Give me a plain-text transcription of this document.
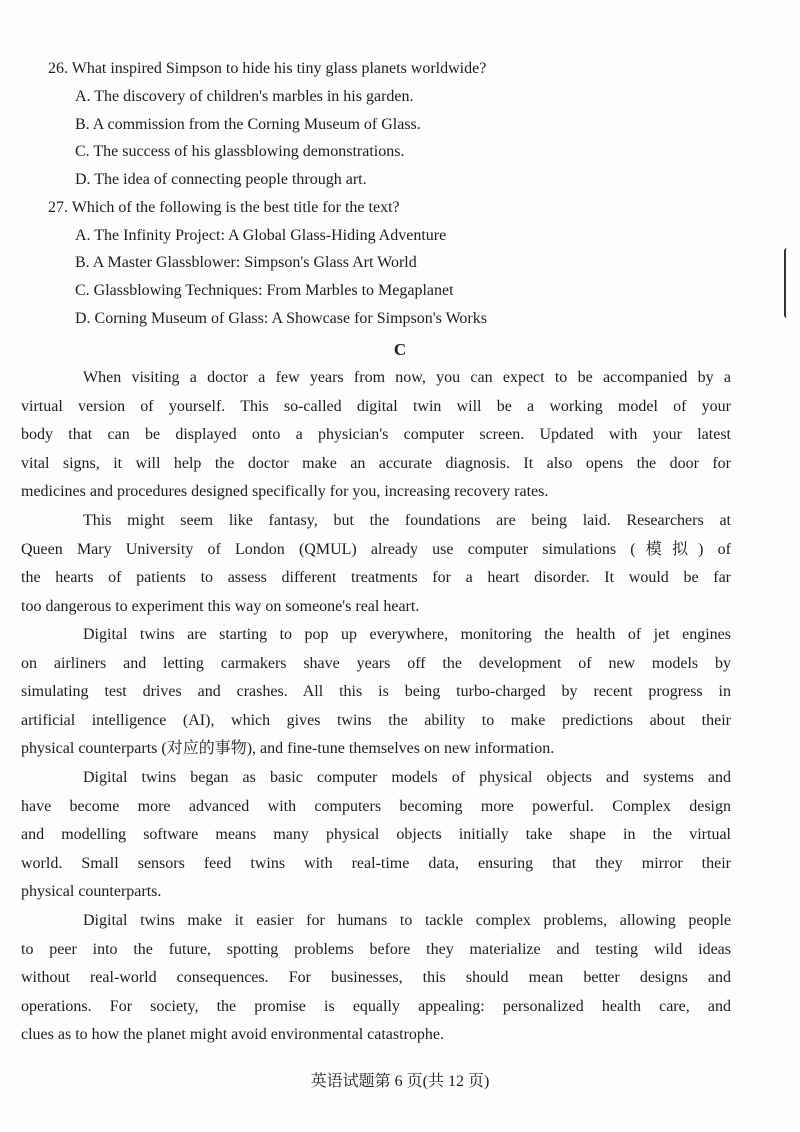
26. What inspired Simpson to hide his tiny glass planets worldwide?
A. The discovery of children's marbles in his garden.
B. A commission from the Corning Museum of Glass.
C. The success of his glassblowing demonstrations.
D. The idea of connecting people through art.
27. Which of the following is the best title for the text?
A. The Infinity Project: A Global Glass-Hiding Adventure
B. A Master Glassblower: Simpson's Glass Art World
C. Glassblowing Techniques: From Marbles to Megaplanet
D. Corning Museum of Glass: A Showcase for Simpson's Works
C
When visiting a doctor a few years from now, you can expect to be accompanied by a
virtual version of yourself. This so-called digital twin will be a working model of your
body that can be displayed onto a physician's computer screen. Updated with your latest
vital signs, it will help the doctor make an accurate diagnosis. It also opens the door for
medicines and procedures designed specifically for you, increasing recovery rates.
This might seem like fantasy, but the foundations are being laid. Researchers at
Queen Mary University of London (QMUL) already use computer simulations (模拟) of
the hearts of patients to assess different treatments for a heart disorder. It would be far
too dangerous to experiment this way on someone's real heart.
Digital twins are starting to pop up everywhere, monitoring the health of jet engines
on airliners and letting carmakers shave years off the development of new models by
simulating test drives and crashes. All this is being turbo-charged by recent progress in
artificial intelligence (AI), which gives twins the ability to make predictions about their
physical counterparts (对应的事物), and fine-tune themselves on new information.
Digital twins began as basic computer models of physical objects and systems and
have become more advanced with computers becoming more powerful. Complex design
and modelling software means many physical objects initially take shape in the virtual
world. Small sensors feed twins with real-time data, ensuring that they mirror their
physical counterparts.
Digital twins make it easier for humans to tackle complex problems, allowing people
to peer into the future, spotting problems before they materialize and testing wild ideas
without real-world consequences. For businesses, this should mean better designs and
operations. For society, the promise is equally appealing: personalized health care, and
clues as to how the planet might avoid environmental catastrophe.
英语试题第 6 页(共 12 页)
